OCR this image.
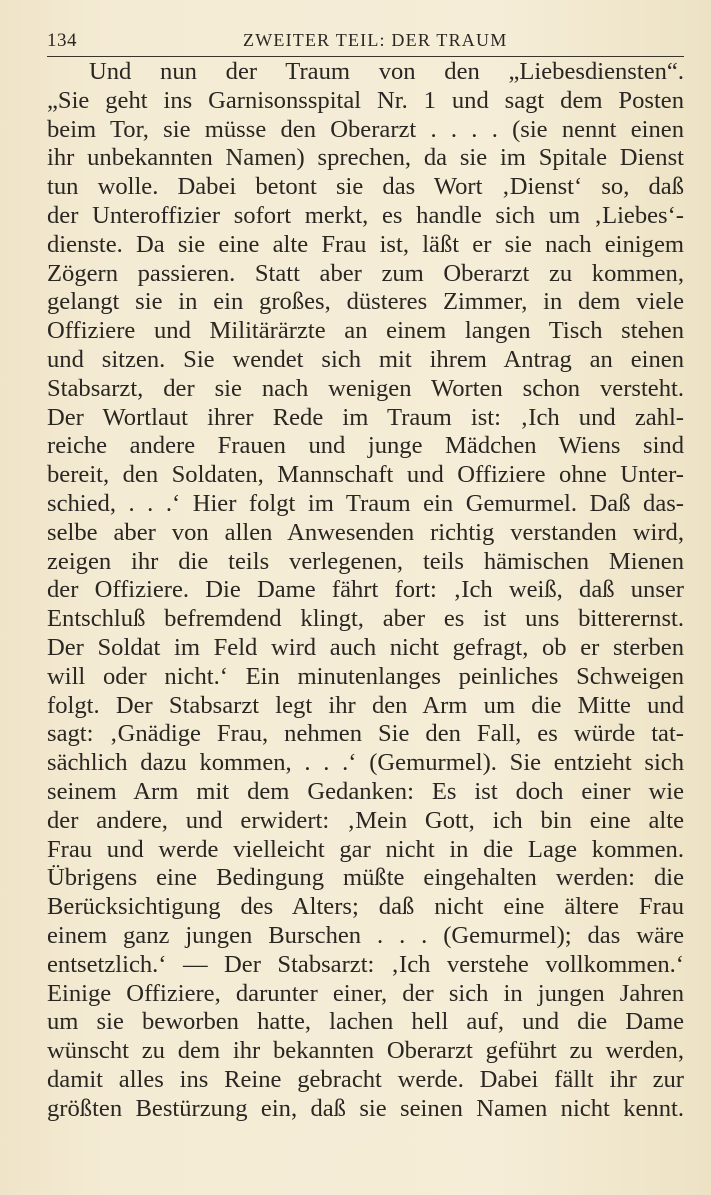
134	ZWEITER TEIL: DER TRAUM
Und nun der Traum von den „Liebesdiensten“.
„Sie geht ins Garnisonsspital Nr. 1 und sagt dem Posten
beim Tor, sie müsse den Oberarzt . . . . (sie nennt einen
ihr unbekannten Namen) sprechen, da sie im Spitale Dienst
tun wolle. Dabei betont sie das Wort ‚Dienst‘ so, daß
der Unteroffizier sofort merkt, es handle sich um ‚Liebes‘-
dienste. Da sie eine alte Frau ist, läßt er sie nach einigem
Zögern passieren. Statt aber zum Oberarzt zu kommen,
gelangt sie in ein großes, düsteres Zimmer, in dem viele
Offiziere und Militärärzte an einem langen Tisch stehen
und sitzen. Sie wendet sich mit ihrem Antrag an einen
Stabsarzt, der sie nach wenigen Worten schon versteht.
Der Wortlaut ihrer Rede im Traum ist: ‚Ich und zahl-
reiche andere Frauen und junge Mädchen Wiens sind
bereit, den Soldaten, Mannschaft und Offiziere ohne Unter-
schied, . . .‘ Hier folgt im Traum ein Gemurmel. Daß das-
selbe aber von allen Anwesenden richtig verstanden wird,
zeigen ihr die teils verlegenen, teils hämischen Mienen
der Offiziere. Die Dame fährt fort: ‚Ich weiß, daß unser
Entschluß befremdend klingt, aber es ist uns bitterernst.
Der Soldat im Feld wird auch nicht gefragt, ob er sterben
will oder nicht.‘ Ein minutenlanges peinliches Schweigen
folgt. Der Stabsarzt legt ihr den Arm um die Mitte und
sagt: ‚Gnädige Frau, nehmen Sie den Fall, es würde tat-
sächlich dazu kommen, . . .‘ (Gemurmel). Sie entzieht sich
seinem Arm mit dem Gedanken: Es ist doch einer wie
der andere, und erwidert: ‚Mein Gott, ich bin eine alte
Frau und werde vielleicht gar nicht in die Lage kommen.
Übrigens eine Bedingung müßte eingehalten werden: die
Berücksichtigung des Alters; daß nicht eine ältere Frau
einem ganz jungen Burschen . . . (Gemurmel); das wäre
entsetzlich.‘ — Der Stabsarzt: ‚Ich verstehe vollkommen.‘
Einige Offiziere, darunter einer, der sich in jungen Jahren
um sie beworben hatte, lachen hell auf, und die Dame
wünscht zu dem ihr bekannten Oberarzt geführt zu werden,
damit alles ins Reine gebracht werde. Dabei fällt ihr zur
größten Bestürzung ein, daß sie seinen Namen nicht kennt.
